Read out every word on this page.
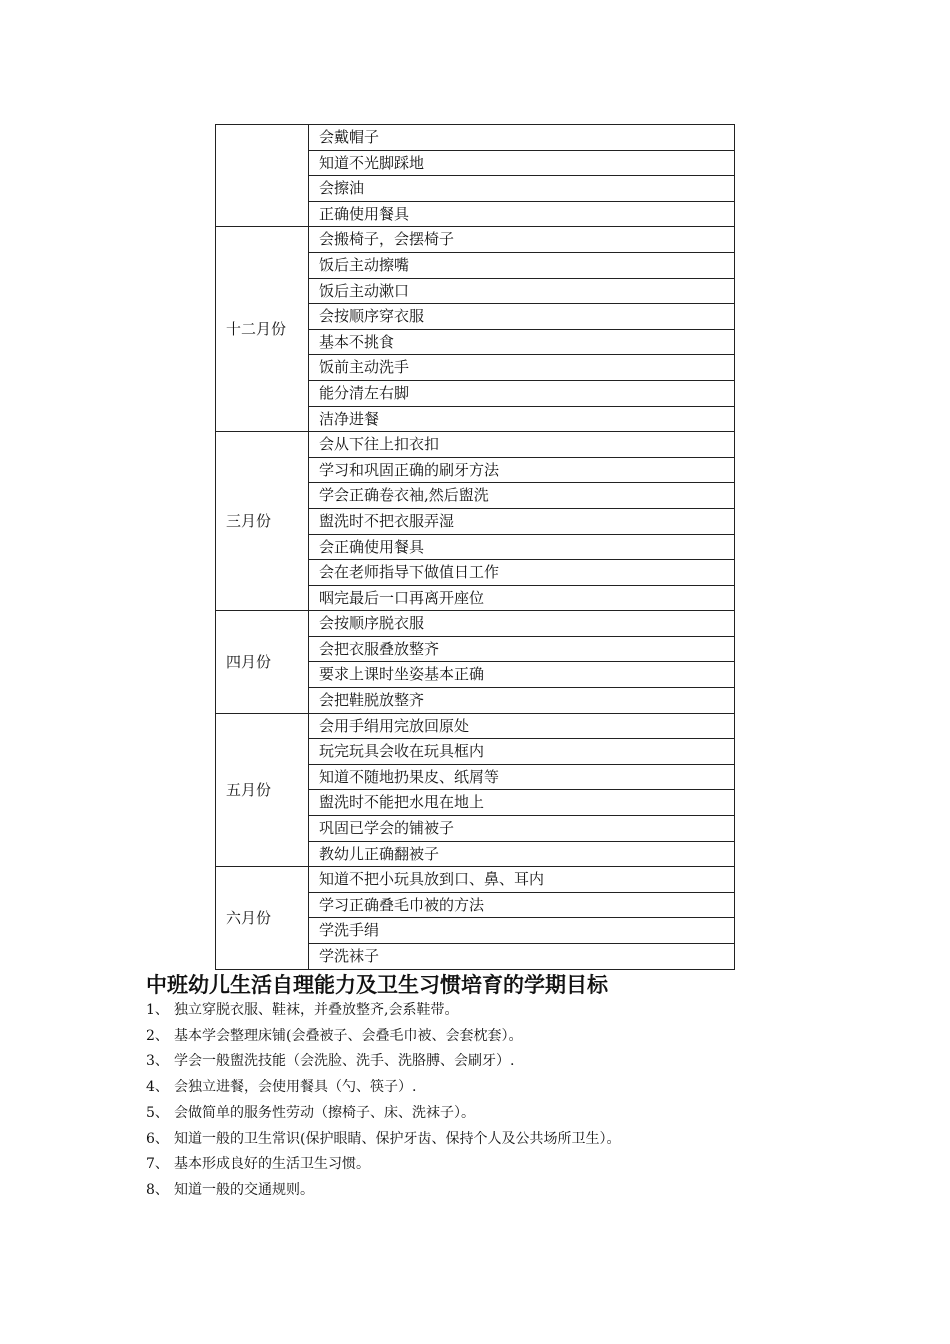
	会戴帽子
	知道不光脚踩地
	会擦油
	正确使用餐具
十二月份	会搬椅子，会摆椅子
	饭后主动擦嘴
	饭后主动漱口
	会按顺序穿衣服
	基本不挑食
	饭前主动洗手
	能分清左右脚
	洁净进餐
三月份	会从下往上扣衣扣
	学习和巩固正确的刷牙方法
	学会正确卷衣袖,然后盥洗
	盥洗时不把衣服弄湿
	会正确使用餐具
	会在老师指导下做值日工作
	咽完最后一口再离开座位
四月份	会按顺序脱衣服
	会把衣服叠放整齐
	要求上课时坐姿基本正确
	会把鞋脱放整齐
五月份	会用手绢用完放回原处
	玩完玩具会收在玩具框内
	知道不随地扔果皮、纸屑等
	盥洗时不能把水甩在地上
	巩固已学会的铺被子
	教幼儿正确翻被子
六月份	知道不把小玩具放到口、鼻、耳内
	学习正确叠毛巾被的方法
	学洗手绢
	学洗袜子
中班幼儿生活自理能力及卫生习惯培育的学期目标
1、 独立穿脱衣服、鞋袜，并叠放整齐,会系鞋带。
2、 基本学会整理床铺(会叠被子、会叠毛巾被、会套枕套）。
3、 学会一般盥洗技能（会洗脸、洗手、洗胳膊、会刷牙）.
4、 会独立进餐，会使用餐具（勺、筷子）.
5、 会做简单的服务性劳动（擦椅子、床、洗袜子）。
6、 知道一般的卫生常识(保护眼睛、保护牙齿、保持个人及公共场所卫生）。
7、 基本形成良好的生活卫生习惯。
8、 知道一般的交通规则。
